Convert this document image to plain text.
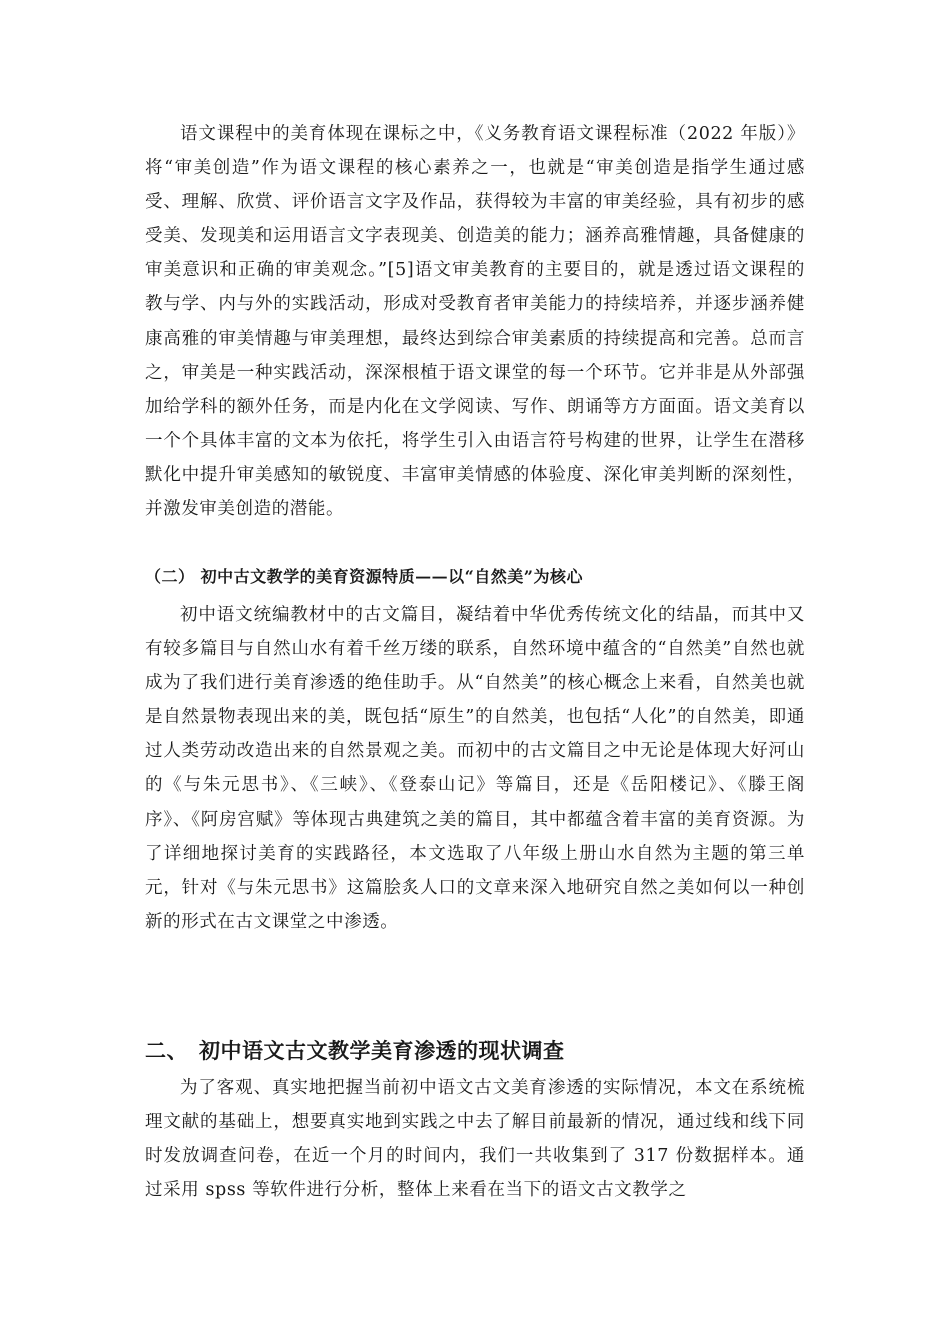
语文课程中的美育体现在课标之中，《义务教育语文课程标准（2022 年版）》将“审美创造”作为语文课程的核心素养之一，也就是“审美创造是指学生通过感受、理解、欣赏、评价语言文字及作品，获得较为丰富的审美经验，具有初步的感受美、发现美和运用语言文字表现美、创造美的能力；涵养高雅情趣，具备健康的审美意识和正确的审美观念。”[5]语文审美教育的主要目的，就是透过语文课程的教与学、内与外的实践活动，形成对受教育者审美能力的持续培养，并逐步涵养健康高雅的审美情趣与审美理想，最终达到综合审美素质的持续提高和完善。总而言之，审美是一种实践活动，深深根植于语文课堂的每一个环节。它并非是从外部强加给学科的额外任务，而是内化在文学阅读、写作、朗诵等方方面面。语文美育以一个个具体丰富的文本为依托，将学生引入由语言符号构建的世界，让学生在潜移默化中提升审美感知的敏锐度、丰富审美情感的体验度、深化审美判断的深刻性，并激发审美创造的潜能。

（二） 初中古文教学的美育资源特质——以“自然美”为核心

初中语文统编教材中的古文篇目，凝结着中华优秀传统文化的结晶，而其中又有较多篇目与自然山水有着千丝万缕的联系，自然环境中蕴含的“自然美”自然也就成为了我们进行美育渗透的绝佳助手。从“自然美”的核心概念上来看，自然美也就是自然景物表现出来的美，既包括“原生”的自然美，也包括“人化”的自然美，即通过人类劳动改造出来的自然景观之美。而初中的古文篇目之中无论是体现大好河山的《与朱元思书》、《三峡》、《登泰山记》等篇目，还是《岳阳楼记》、《滕王阁序》、《阿房宫赋》等体现古典建筑之美的篇目，其中都蕴含着丰富的美育资源。为了详细地探讨美育的实践路径，本文选取了八年级上册山水自然为主题的第三单元，针对《与朱元思书》这篇脍炙人口的文章来深入地研究自然之美如何以一种创新的形式在古文课堂之中渗透。

二、 初中语文古文教学美育渗透的现状调查

为了客观、真实地把握当前初中语文古文美育渗透的实际情况，本文在系统梳理文献的基础上，想要真实地到实践之中去了解目前最新的情况，通过线和线下同时发放调查问卷，在近一个月的时间内，我们一共收集到了 317 份数据样本。通过采用 spss 等软件进行分析，整体上来看在当下的语文古文教学之
